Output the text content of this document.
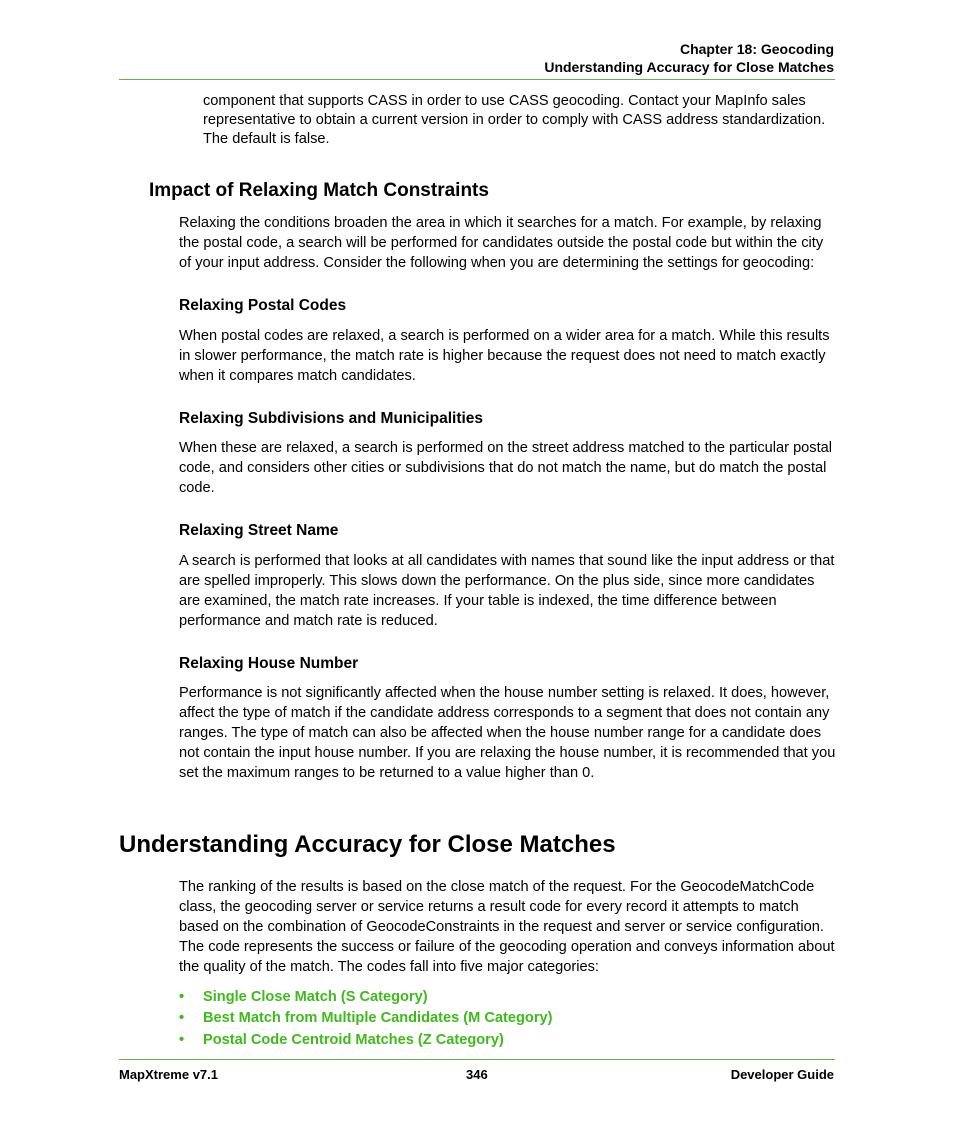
Chapter 18: Geocoding
Understanding Accuracy for Close Matches
component that supports CASS in order to use CASS geocoding. Contact your MapInfo sales representative to obtain a current version in order to comply with CASS address standardization. The default is false.
Impact of Relaxing Match Constraints
Relaxing the conditions broaden the area in which it searches for a match. For example, by relaxing the postal code, a search will be performed for candidates outside the postal code but within the city of your input address. Consider the following when you are determining the settings for geocoding:
Relaxing Postal Codes
When postal codes are relaxed, a search is performed on a wider area for a match. While this results in slower performance, the match rate is higher because the request does not need to match exactly when it compares match candidates.
Relaxing Subdivisions and Municipalities
When these are relaxed, a search is performed on the street address matched to the particular postal code, and considers other cities or subdivisions that do not match the name, but do match the postal code.
Relaxing Street Name
A search is performed that looks at all candidates with names that sound like the input address or that are spelled improperly. This slows down the performance. On the plus side, since more candidates are examined, the match rate increases. If your table is indexed, the time difference between performance and match rate is reduced.
Relaxing House Number
Performance is not significantly affected when the house number setting is relaxed. It does, however, affect the type of match if the candidate address corresponds to a segment that does not contain any ranges. The type of match can also be affected when the house number range for a candidate does not contain the input house number. If you are relaxing the house number, it is recommended that you set the maximum ranges to be returned to a value higher than 0.
Understanding Accuracy for Close Matches
The ranking of the results is based on the close match of the request. For the GeocodeMatchCode class, the geocoding server or service returns a result code for every record it attempts to match based on the combination of GeocodeConstraints in the request and server or service configuration. The code represents the success or failure of the geocoding operation and conveys information about the quality of the match. The codes fall into five major categories:
• Single Close Match (S Category)
• Best Match from Multiple Candidates (M Category)
• Postal Code Centroid Matches (Z Category)
MapXtreme v7.1	346	Developer Guide
